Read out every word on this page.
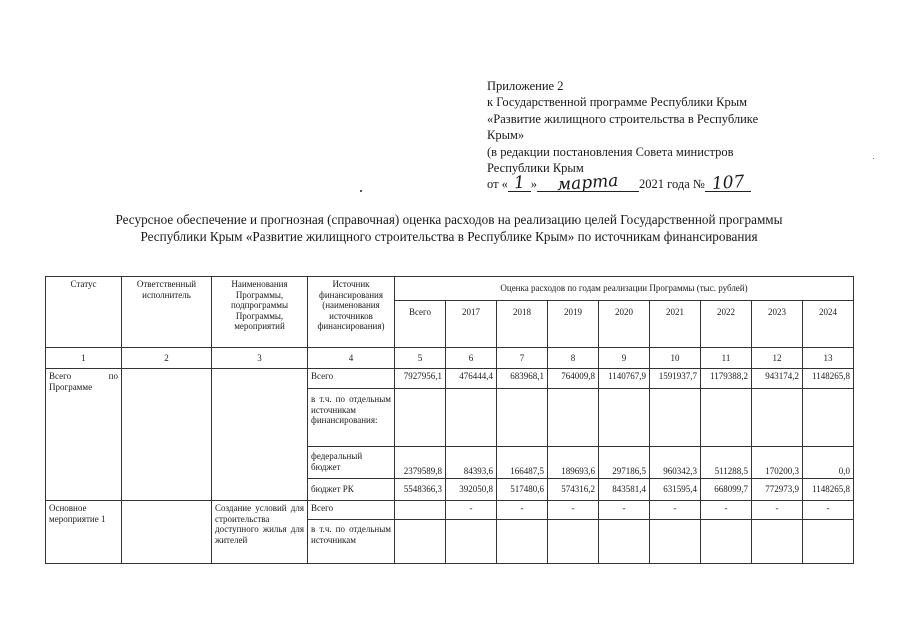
Приложение 2
к Государственной программе Республики Крым
«Развитие жилищного строительства в Республике
Крым»
(в редакции постановления Совета министров
Республики Крым
от « 1 » марта 2021 года № 107
Ресурсное обеспечение и прогнозная (справочная) оценка расходов на реализацию целей Государственной программы
Республики Крым «Развитие жилищного строительства в Республике Крым» по источникам финансирования
Статус	Ответственный исполнитель	Наименования Программы, подпрограммы Программы, мероприятий	Источник финансирования (наименования источников финансирования)	Оценка расходов по годам реализации Программы (тыс. рублей)								
				Всего	2017	2018	2019	2020	2021	2022	2023	2024
1	2	3	4	5	6	7	8	9	10	11	12	13
Всего по Программе			Всего	7927956,1	476444,4	683968,1	764009,8	1140767,9	1591937,7	1179388,2	943174,2	1148265,8

			в т.ч. по отдельным источникам финансирования:									

			федеральный бюджет	2379589,8	84393,6	166487,5	189693,6	297186,5	960342,3	511288,5	170200,3	0,0
			бюджет РК	5548366,3	392050,8	517480,6	574316,2	843581,4	631595,4	668099,7	772973,9	1148265,8
Основное мероприятие 1		Создание условий для строительства доступного жилья для жителей	Всего		-	-	-	-	-	-	-	-

			в т.ч. по отдельным источникам									
